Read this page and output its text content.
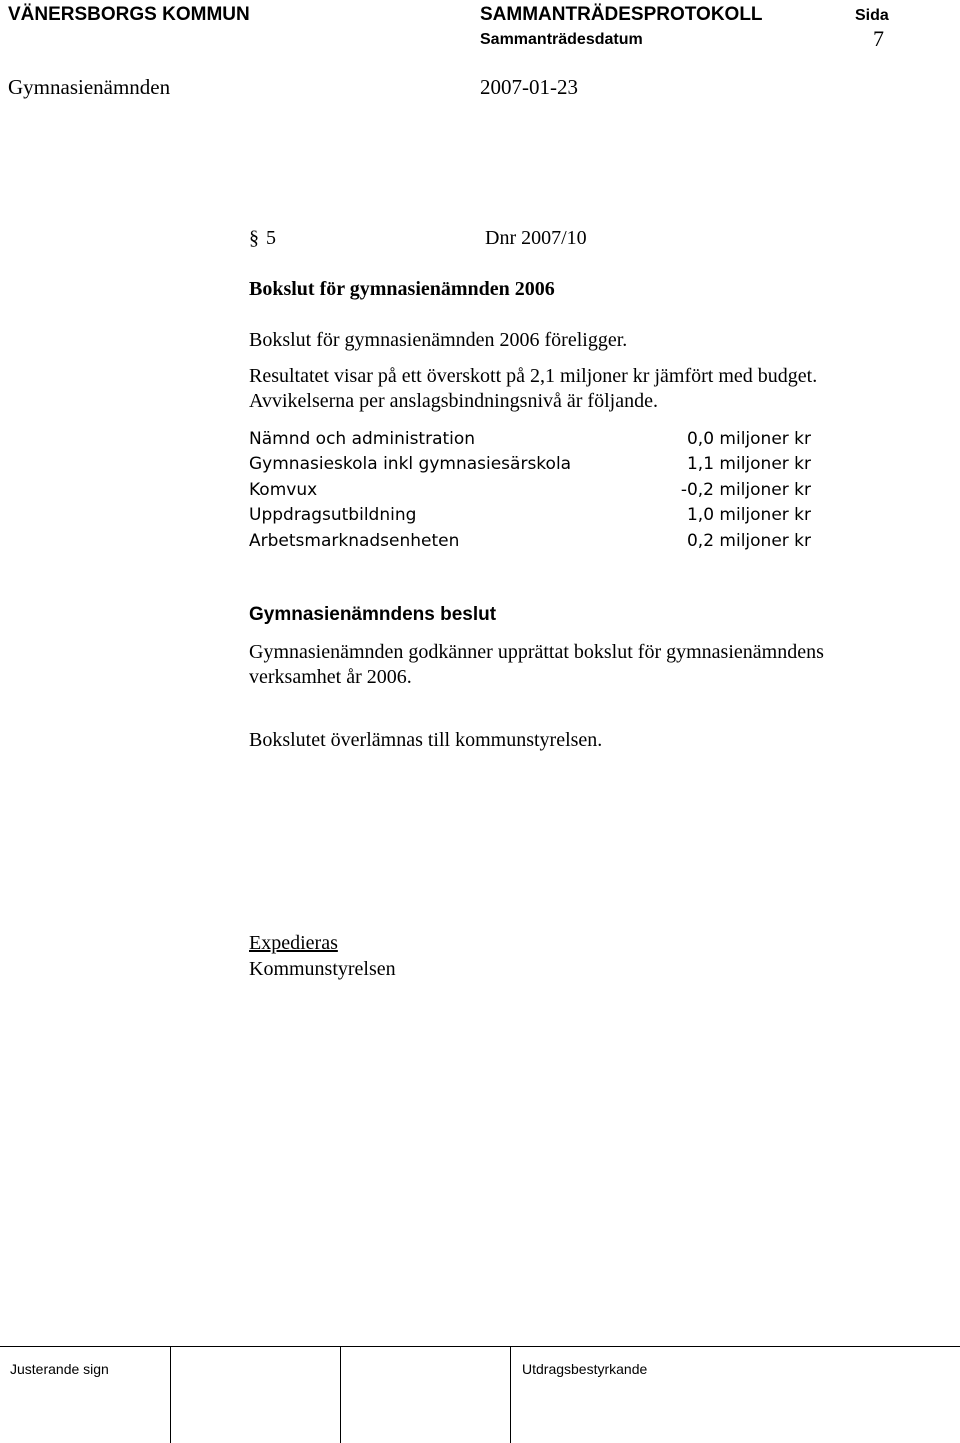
VÄNERSBORGS KOMMUN	SAMMANTRÄDESPROTOKOLL	Sida
Sammanträdesdatum	7
Gymnasienämnden	2007-01-23
§ 5	Dnr 2007/10
Bokslut för gymnasienämnden 2006
Bokslut för gymnasienämnden 2006 föreligger.
Resultatet visar på ett överskott på 2,1 miljoner kr jämfört med budget.
Avvikelserna per anslagsbindningsnivå är följande.
Nämnd och administration	0,0 miljoner kr
Gymnasieskola inkl gymnasiesärskola	1,1 miljoner kr
Komvux	-0,2 miljoner kr
Uppdragsutbildning	1,0 miljoner kr
Arbetsmarknadsenheten	0,2 miljoner kr
Gymnasienämndens beslut
Gymnasienämnden godkänner upprättat bokslut för gymnasienämndens
verksamhet år 2006.
Bokslutet överlämnas till kommunstyrelsen.
Expedieras
Kommunstyrelsen
Justerande sign	Utdragsbestyrkande
